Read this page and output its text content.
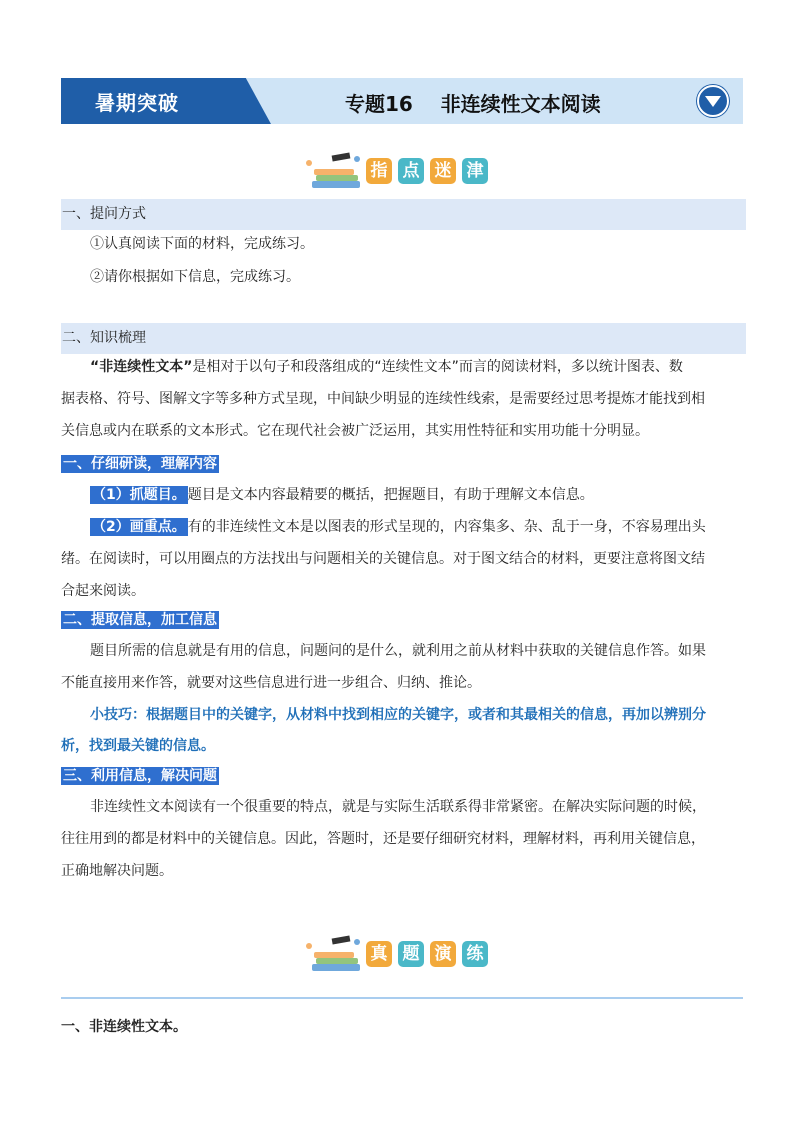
暑期突破	专题16    非连续性文本阅读
指 点 迷 津
一、提问方式
①认真阅读下面的材料，完成练习。
②请你根据如下信息，完成练习。
二、知识梳理
“非连续性文本”是相对于以句子和段落组成的“连续性文本”而言的阅读材料，多以统计图表、数
据表格、符号、图解文字等多种方式呈现，中间缺少明显的连续性线索，是需要经过思考提炼才能找到相
关信息或内在联系的文本形式。它在现代社会被广泛运用，其实用性特征和实用功能十分明显。
一、仔细研读，理解内容
（1）抓题目。 题目是文本内容最精要的概括，把握题目，有助于理解文本信息。
（2）画重点。 有的非连续性文本是以图表的形式呈现的，内容集多、杂、乱于一身，不容易理出头
绪。在阅读时，可以用圈点的方法找出与问题相关的关键信息。对于图文结合的材料，更要注意将图文结
合起来阅读。
二、提取信息，加工信息
题目所需的信息就是有用的信息，问题问的是什么，就利用之前从材料中获取的关键信息作答。如果
不能直接用来作答，就要对这些信息进行进一步组合、归纳、推论。
小技巧：根据题目中的关键字，从材料中找到相应的关键字，或者和其最相关的信息，再加以辨别分
析，找到最关键的信息。
三、利用信息，解决问题
非连续性文本阅读有一个很重要的特点，就是与实际生活联系得非常紧密。在解决实际问题的时候，
往往用到的都是材料中的关键信息。因此，答题时，还是要仔细研究材料，理解材料，再利用关键信息，
正确地解决问题。
真 题 演 练
一、非连续性文本。
